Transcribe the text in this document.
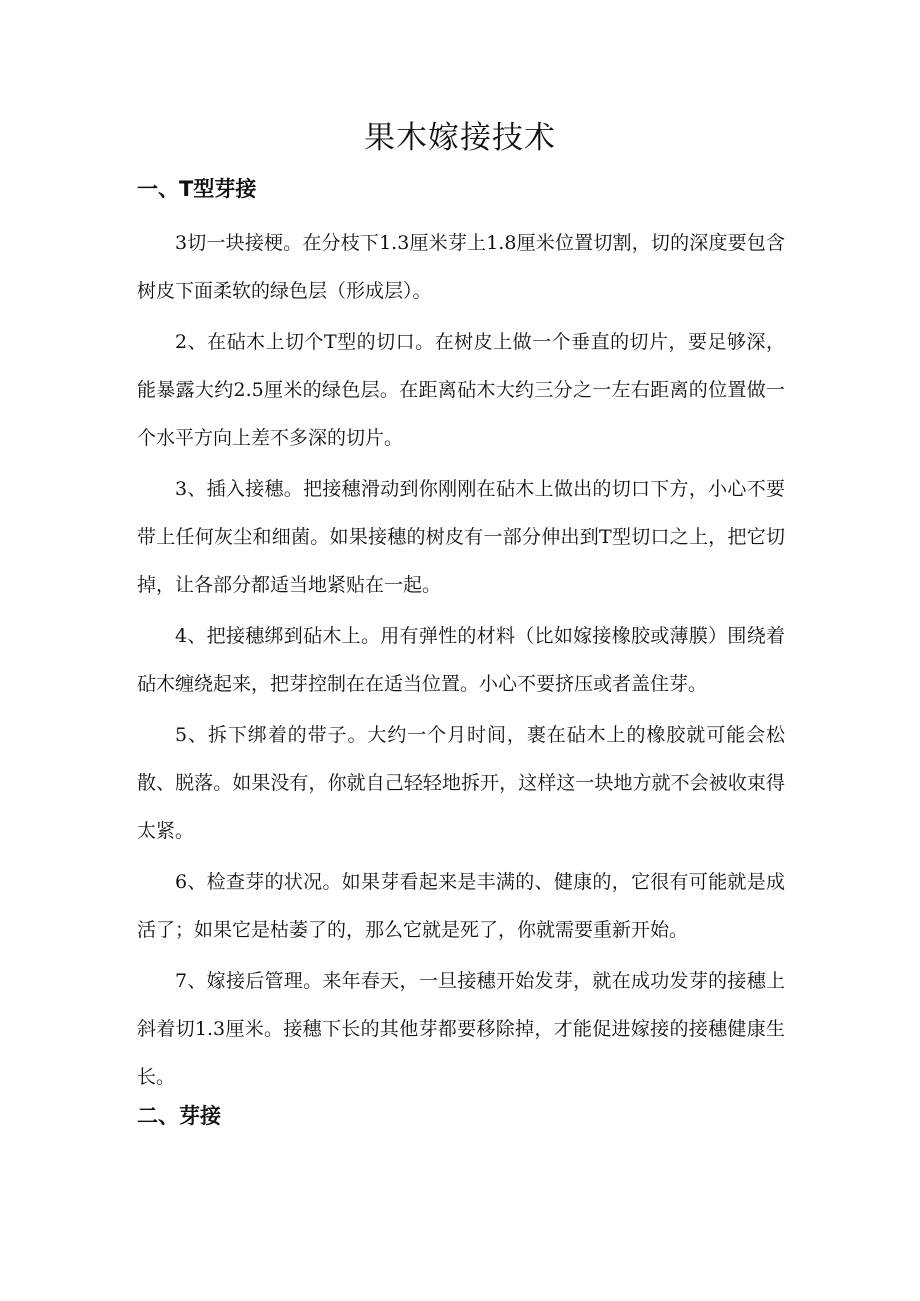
果木嫁接技术
一、T型芽接

3切一块接梗。在分枝下1.3厘米芽上1.8厘米位置切割，切的深度要包含树皮下面柔软的绿色层（形成层）。

2、在砧木上切个T型的切口。在树皮上做一个垂直的切片，要足够深，能暴露大约2.5厘米的绿色层。在距离砧木大约三分之一左右距离的位置做一个水平方向上差不多深的切片。

3、插入接穗。把接穗滑动到你刚刚在砧木上做出的切口下方，小心不要带上任何灰尘和细菌。如果接穗的树皮有一部分伸出到T型切口之上，把它切掉，让各部分都适当地紧贴在一起。

4、把接穗绑到砧木上。用有弹性的材料（比如嫁接橡胶或薄膜）围绕着砧木缠绕起来，把芽控制在在适当位置。小心不要挤压或者盖住芽。

5、拆下绑着的带子。大约一个月时间，裹在砧木上的橡胶就可能会松散、脱落。如果没有，你就自己轻轻地拆开，这样这一块地方就不会被收束得太紧。

6、检查芽的状况。如果芽看起来是丰满的、健康的，它很有可能就是成活了；如果它是枯萎了的，那么它就是死了，你就需要重新开始。

7、嫁接后管理。来年春天，一旦接穗开始发芽，就在成功发芽的接穗上斜着切1.3厘米。接穗下长的其他芽都要移除掉，才能促进嫁接的接穗健康生长。

二、芽接
